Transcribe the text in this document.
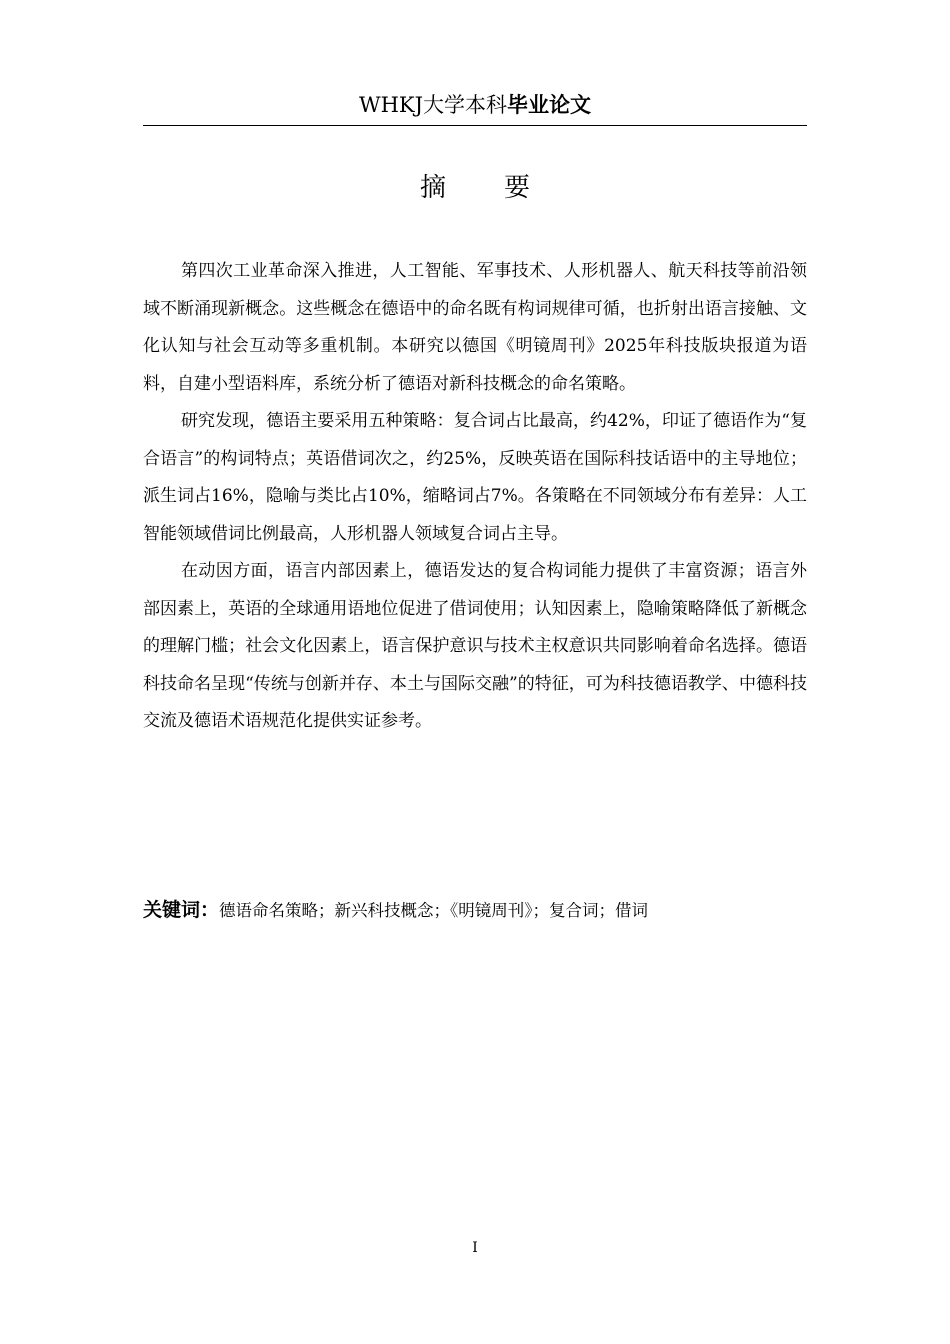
WHKJ大学本科毕业论文
摘要

第四次工业革命深入推进，人工智能、军事技术、人形机器人、航天科技等前沿领域不断涌现新概念。这些概念在德语中的命名既有构词规律可循，也折射出语言接触、文化认知与社会互动等多重机制。本研究以德国《明镜周刊》2025年科技版块报道为语料，自建小型语料库，系统分析了德语对新科技概念的命名策略。

研究发现，德语主要采用五种策略：复合词占比最高，约42%，印证了德语作为“复合语言”的构词特点；英语借词次之，约25%，反映英语在国际科技话语中的主导地位；派生词占16%，隐喻与类比占10%，缩略词占7%。各策略在不同领域分布有差异：人工智能领域借词比例最高，人形机器人领域复合词占主导。

在动因方面，语言内部因素上，德语发达的复合构词能力提供了丰富资源；语言外部因素上，英语的全球通用语地位促进了借词使用；认知因素上，隐喻策略降低了新概念的理解门槛；社会文化因素上，语言保护意识与技术主权意识共同影响着命名选择。德语科技命名呈现“传统与创新并存、本土与国际交融”的特征，可为科技德语教学、中德科技交流及德语术语规范化提供实证参考。

关键词：德语命名策略；新兴科技概念；《明镜周刊》；复合词；借词
I
